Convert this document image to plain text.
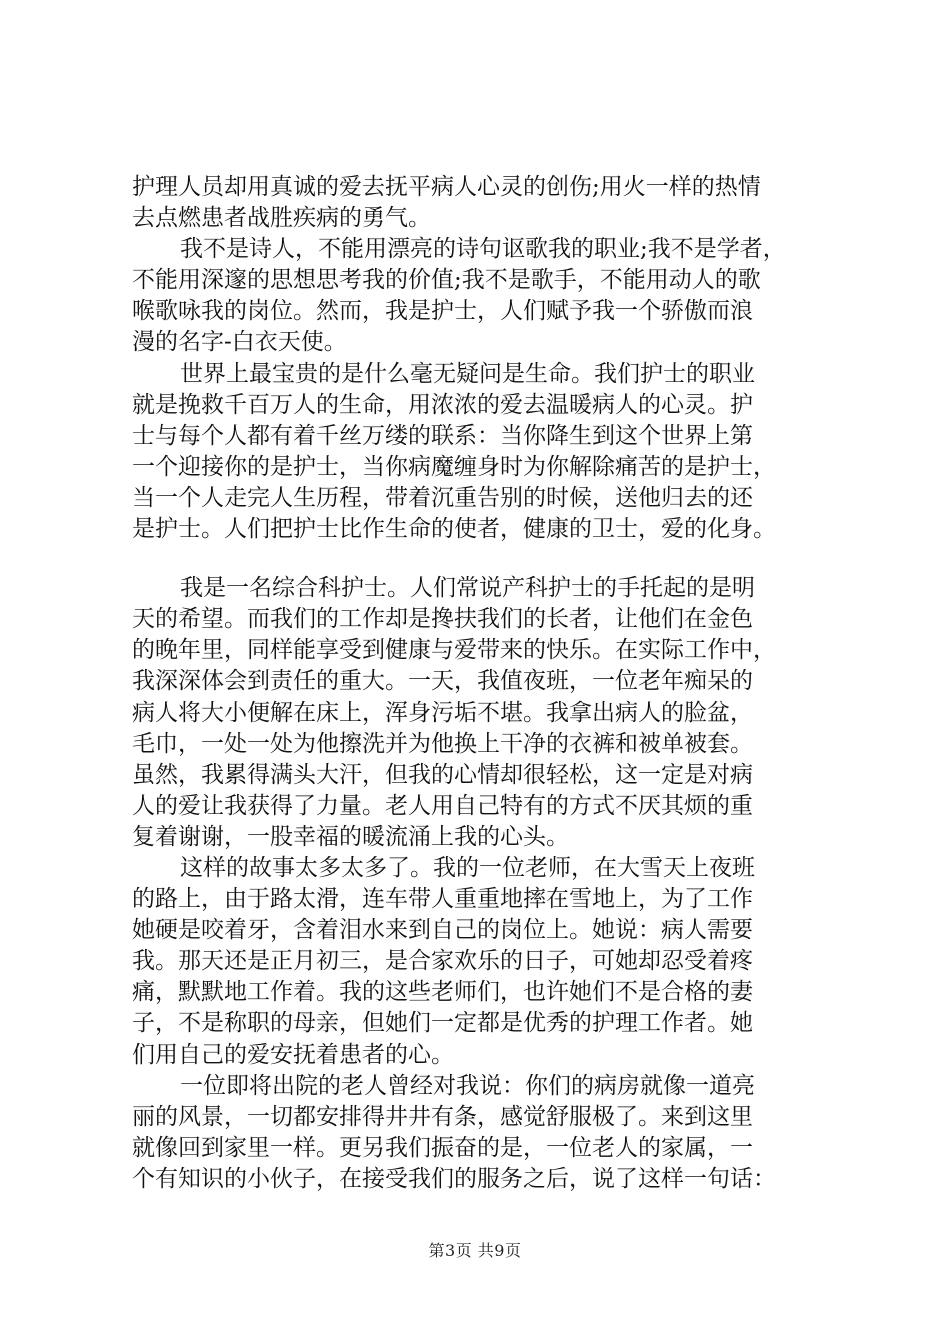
护理人员却用真诚的爱去抚平病人心灵的创伤;用火一样的热情
去点燃患者战胜疾病的勇气。
我不是诗人，不能用漂亮的诗句讴歌我的职业;我不是学者，
不能用深邃的思想思考我的价值;我不是歌手，不能用动人的歌
喉歌咏我的岗位。然而，我是护士，人们赋予我一个骄傲而浪
漫的名字-白衣天使。
世界上最宝贵的是什么毫无疑问是生命。我们护士的职业
就是挽救千百万人的生命，用浓浓的爱去温暖病人的心灵。护
士与每个人都有着千丝万缕的联系：当你降生到这个世界上第
一个迎接你的是护士，当你病魔缠身时为你解除痛苦的是护士，
当一个人走完人生历程，带着沉重告别的时候，送他归去的还
是护士。人们把护士比作生命的使者，健康的卫士，爱的化身。
我是一名综合科护士。人们常说产科护士的手托起的是明
天的希望。而我们的工作却是搀扶我们的长者，让他们在金色
的晚年里，同样能享受到健康与爱带来的快乐。在实际工作中，
我深深体会到责任的重大。一天，我值夜班，一位老年痴呆的
病人将大小便解在床上，浑身污垢不堪。我拿出病人的脸盆，
毛巾，一处一处为他擦洗并为他换上干净的衣裤和被单被套。
虽然，我累得满头大汗，但我的心情却很轻松，这一定是对病
人的爱让我获得了力量。老人用自己特有的方式不厌其烦的重
复着谢谢，一股幸福的暖流涌上我的心头。
这样的故事太多太多了。我的一位老师，在大雪天上夜班
的路上，由于路太滑，连车带人重重地摔在雪地上，为了工作
她硬是咬着牙，含着泪水来到自己的岗位上。她说：病人需要
我。那天还是正月初三，是合家欢乐的日子，可她却忍受着疼
痛，默默地工作着。我的这些老师们，也许她们不是合格的妻
子，不是称职的母亲，但她们一定都是优秀的护理工作者。她
们用自己的爱安抚着患者的心。
一位即将出院的老人曾经对我说：你们的病房就像一道亮
丽的风景，一切都安排得井井有条，感觉舒服极了。来到这里
就像回到家里一样。更另我们振奋的是，一位老人的家属，一
个有知识的小伙子，在接受我们的服务之后，说了这样一句话：
第3页 共9页
